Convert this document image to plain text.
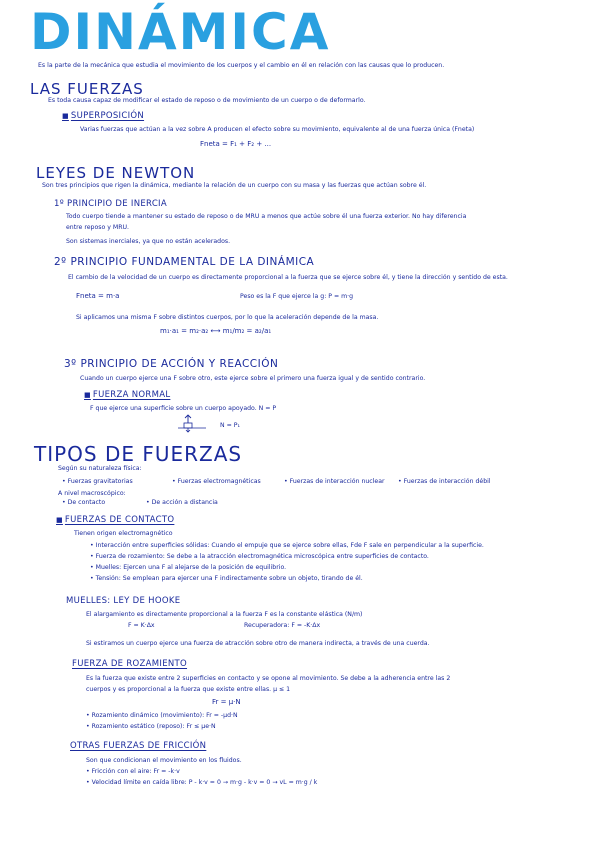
DINÁMICA
Es la parte de la mecánica que estudia el movimiento de los cuerpos y el cambio en él en relación con las causas que lo producen.
LAS FUERZAS
Es toda causa capaz de modificar el estado de reposo o de movimiento de un cuerpo o de deformarlo.
■ SUPERPOSICIÓN
Varias fuerzas que actúan a la vez sobre A producen el efecto sobre su movimiento, equivalente al de una fuerza única (Fneta)
Fneta = F₁ + F₂ + ...
LEYES DE NEWTON
Son tres principios que rigen la dinámica, mediante la relación de un cuerpo con su masa y las fuerzas que actúan sobre él.
1º PRINCIPIO DE INERCIA
Todo cuerpo tiende a mantener su estado de reposo o de MRU a menos que actúe sobre él una fuerza exterior. No hay diferencia
entre reposo y MRU.
Son sistemas inerciales, ya que no están acelerados.
2º PRINCIPIO FUNDAMENTAL DE LA DINÁMICA
El cambio de la velocidad de un cuerpo es directamente proporcional a la fuerza que se ejerce sobre él, y tiene la dirección y sentido de esta.
Fneta = m·a	Peso es la F que ejerce la g: P = m·g
Si aplicamos una misma F sobre distintos cuerpos, por lo que la aceleración depende de la masa.
m₁·a₁ = m₂·a₂ ⟷ m₁/m₂ = a₂/a₁
3º PRINCIPIO DE ACCIÓN Y REACCIÓN
Cuando un cuerpo ejerce una F sobre otro, este ejerce sobre el primero una fuerza igual y de sentido contrario.
■ FUERZA NORMAL
F que ejerce una superficie sobre un cuerpo apoyado. N = P
N = P₁
TIPOS DE FUERZAS
Según su naturaleza física:
• Fuerzas gravitatorias	• Fuerzas electromagnéticas	• Fuerzas de interacción nuclear • Fuerzas de interacción débil
A nivel macroscópico:
• De contacto	• De acción a distancia
■ FUERZAS DE CONTACTO
Tienen origen electromagnético
• Interacción entre superficies sólidas: Cuando el empuje que se ejerce sobre ellas, Fde F sale en perpendicular a la superficie.
• Fuerza de rozamiento: Se debe a la atracción electromagnética microscópica entre superficies de contacto.
• Muelles: Ejercen una F al alejarse de la posición de equilibrio.
• Tensión: Se emplean para ejercer una F indirectamente sobre un objeto, tirando de él.
MUELLES: LEY DE HOOKE
El alargamiento es directamente proporcional a la fuerza F es la constante elástica (N/m)
F = K·Δx	Recuperadora: F = -K·Δx
Si estiramos un cuerpo ejerce una fuerza de atracción sobre otro de manera indirecta, a través de una cuerda.
FUERZA DE ROZAMIENTO
Es la fuerza que existe entre 2 superficies en contacto y se opone al movimiento. Se debe a la adherencia entre las 2
cuerpos y es proporcional a la fuerza que existe entre ellas. μ ≤ 1
Fr = μ·N
• Rozamiento dinámico (movimiento): Fr = -μd·N
• Rozamiento estático (reposo): Fr ≤ μe·N
OTRAS FUERZAS DE FRICCIÓN
Son que condicionan el movimiento en los fluidos.
• Fricción con el aire: Fr = -k·v
• Velocidad límite en caída libre: P - k·v = 0 → m·g - k·v = 0 → vL = m·g / k
